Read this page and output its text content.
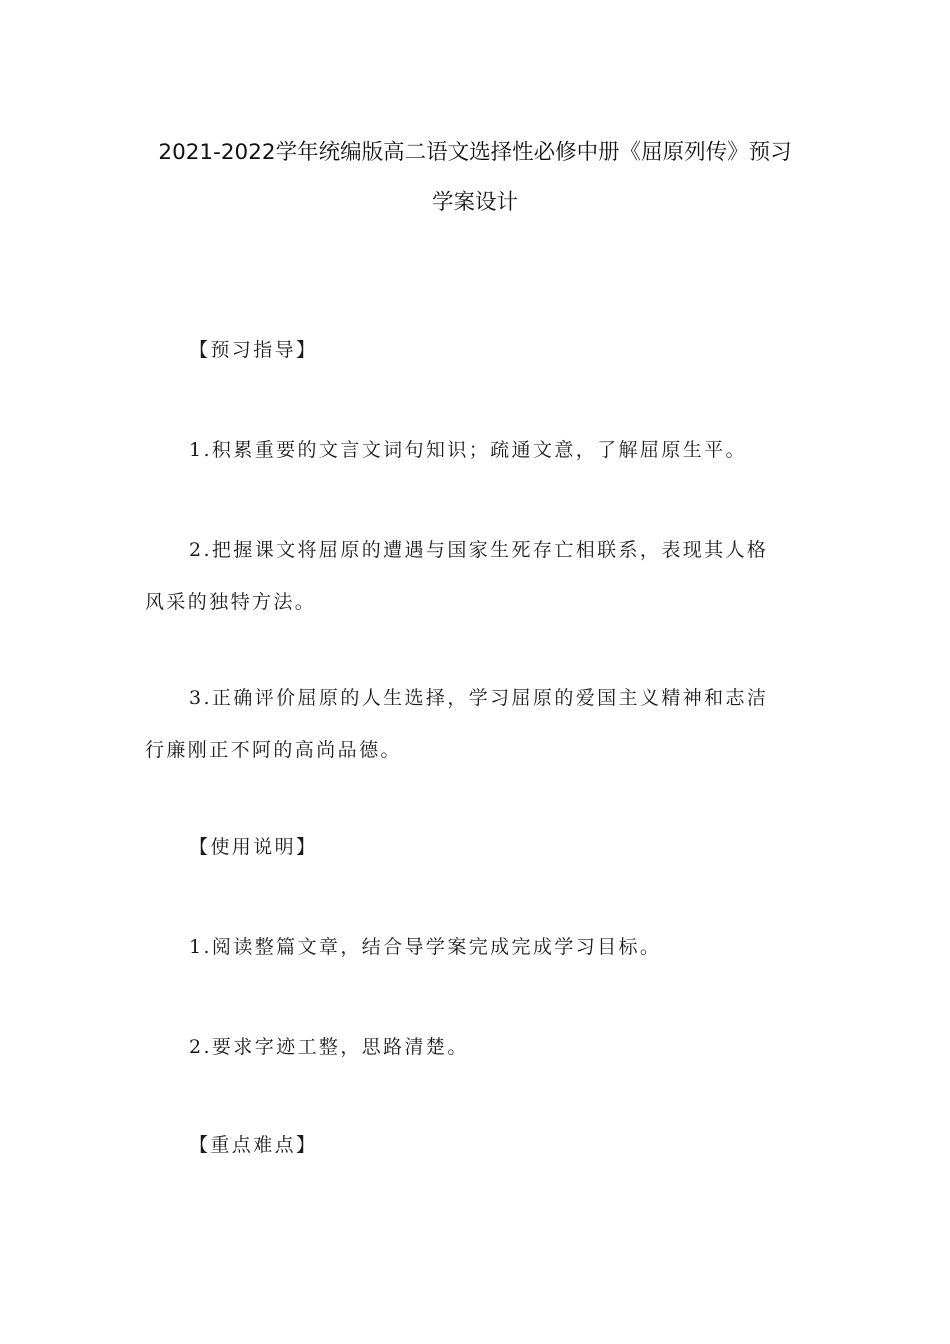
2021-2022学年统编版高二语文选择性必修中册《屈原列传》预习
学案设计
【预习指导】
1.积累重要的文言文词句知识；疏通文意，了解屈原生平。
2.把握课文将屈原的遭遇与国家生死存亡相联系，表现其人格
风采的独特方法。
3.正确评价屈原的人生选择，学习屈原的爱国主义精神和志洁
行廉刚正不阿的高尚品德。
【使用说明】
1.阅读整篇文章，结合导学案完成完成学习目标。
2.要求字迹工整，思路清楚。
【重点难点】
